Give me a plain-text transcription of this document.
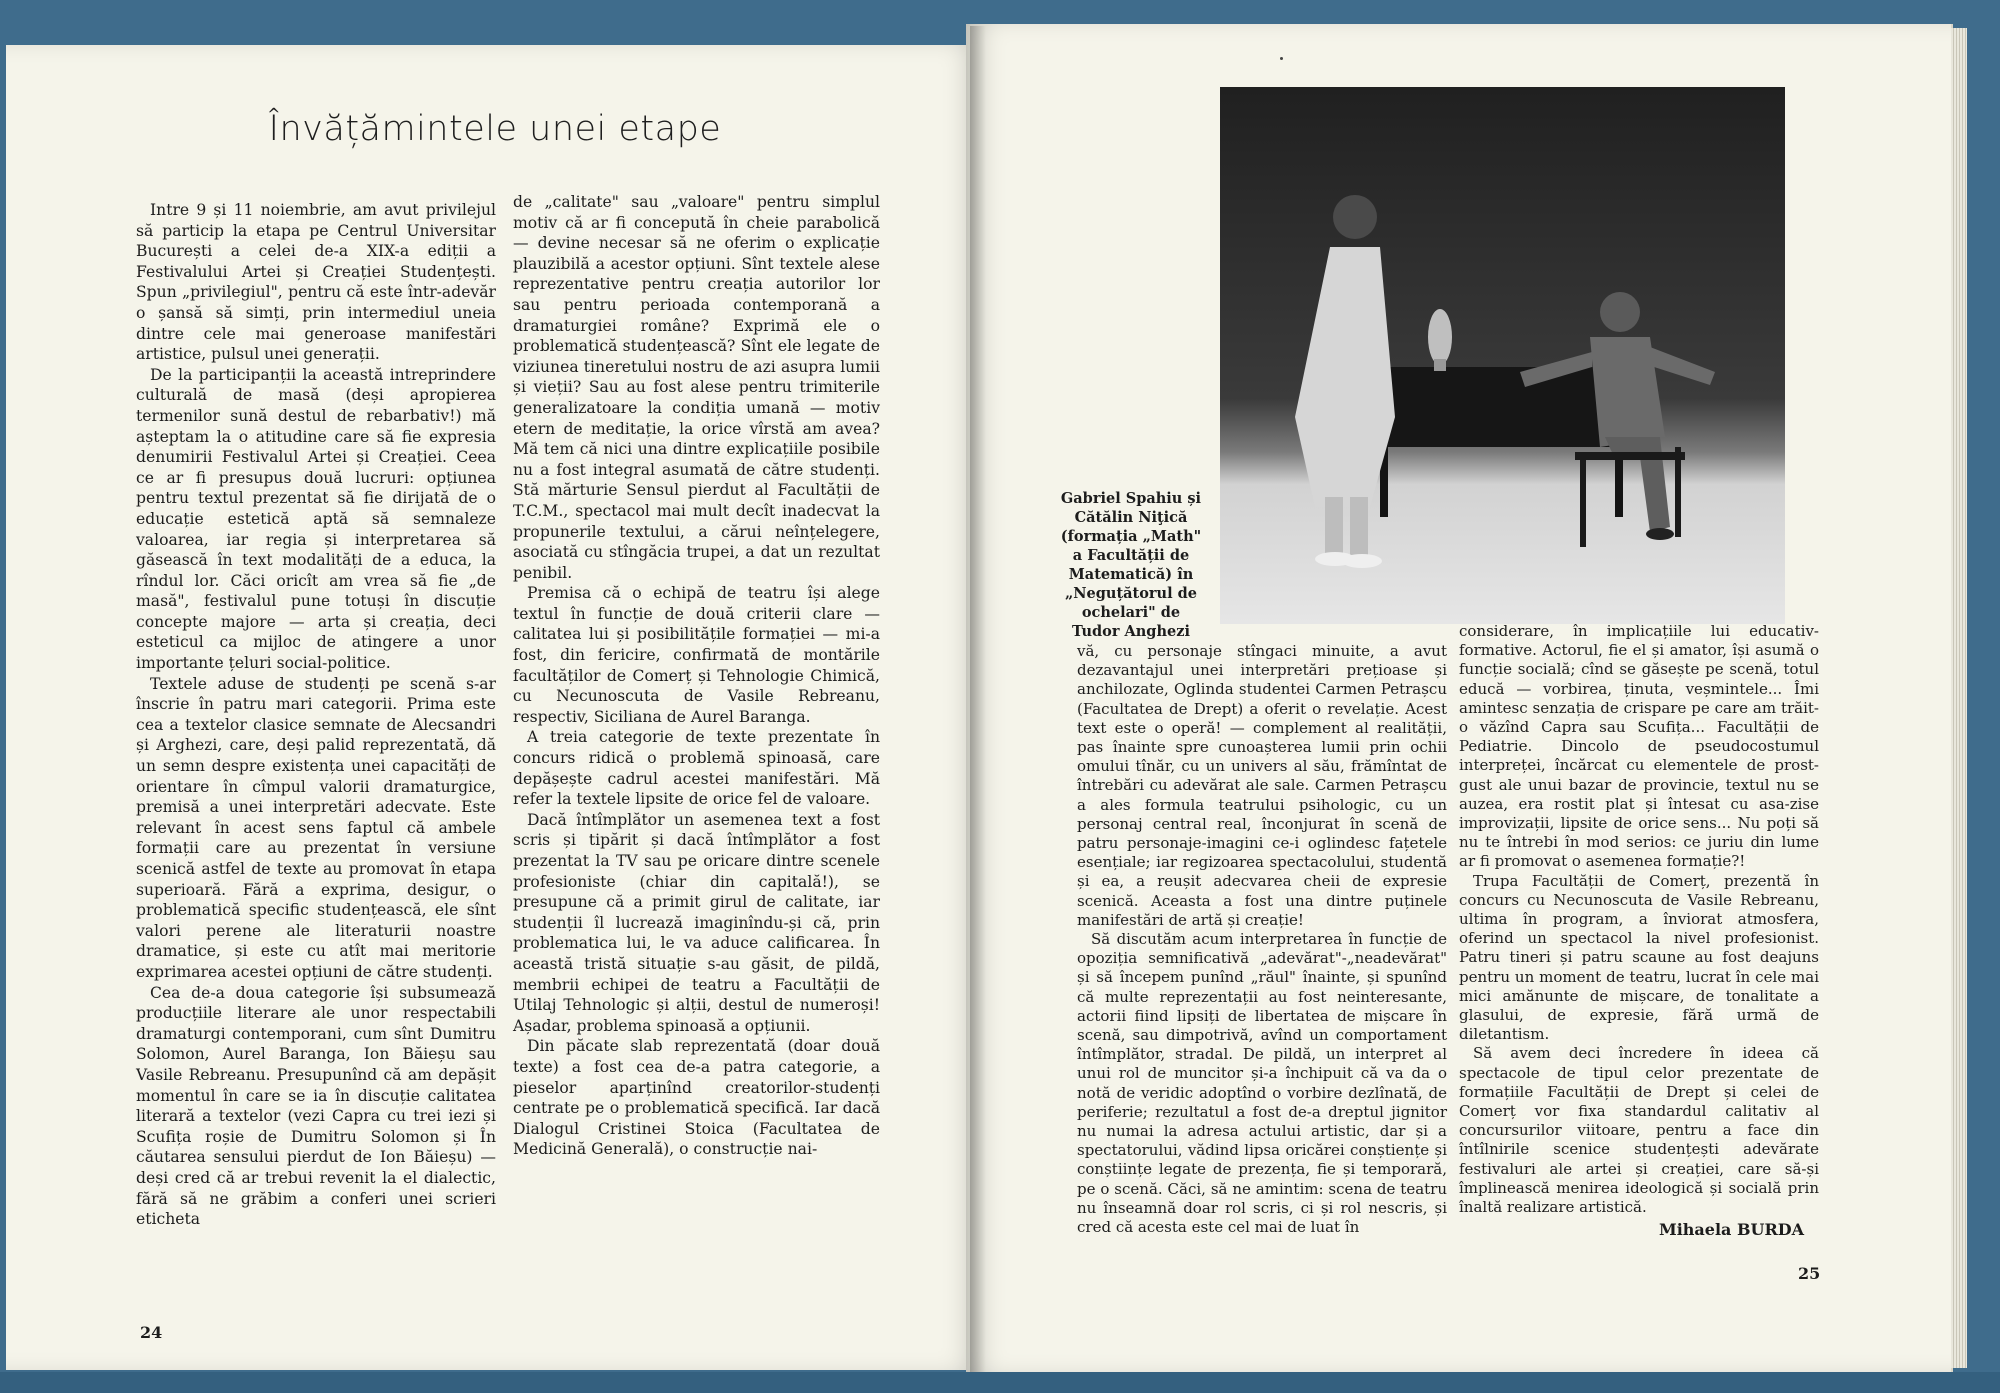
Învățămintele unei etape

Intre 9 și 11 noiembrie, am avut privilejul să particip la etapa pe Centrul Universitar București a celei de-a XIX-a ediții a Festivalului Artei și Creației Studențești. Spun „privilegiul", pentru că este într-adevăr o șansă să simți, prin intermediul uneia dintre cele mai generoase manifestări artistice, pulsul unei generații.

De la participanții la această intreprindere culturală de masă (deși apropierea termenilor sună destul de rebarbativ!) mă așteptam la o atitudine care să fie expresia denumirii Festivalul Artei și Creației. Ceea ce ar fi presupus două lucruri: opțiunea pentru textul prezentat să fie dirijată de o educație estetică aptă să semnaleze valoarea, iar regia și interpretarea să găsească în text modalități de a educa, la rîndul lor. Căci oricît am vrea să fie „de masă", festivalul pune totuși în discuție concepte majore — arta și creația, deci esteticul ca mijloc de atingere a unor importante țeluri social-politice.

Textele aduse de studenți pe scenă s-ar înscrie în patru mari categorii. Prima este cea a textelor clasice semnate de Alecsandri și Arghezi, care, deși palid reprezentată, dă un semn despre existența unei capacități de orientare în cîmpul valorii dramaturgice, premisă a unei interpretări adecvate. Este relevant în acest sens faptul că ambele formații care au prezentat în versiune scenică astfel de texte au promovat în etapa superioară. Fără a exprima, desigur, o problematică specific studențească, ele sînt valori perene ale literaturii noastre dramatice, și este cu atît mai meritorie exprimarea acestei opțiuni de către studenți.

Cea de-a doua categorie își subsumează producțiile literare ale unor respectabili dramaturgi contemporani, cum sînt Dumitru Solomon, Aurel Baranga, Ion Băieșu sau Vasile Rebreanu. Presupunînd că am depășit momentul în care se ia în discuție calitatea literară a textelor (vezi Capra cu trei iezi și Scufița roșie de Dumitru Solomon și În căutarea sensului pierdut de Ion Băieșu) — deși cred că ar trebui revenit la el dialectic, fără să ne grăbim a conferi unei scrieri eticheta

de „calitate" sau „valoare" pentru simplul motiv că ar fi concepută în cheie parabolică — devine necesar să ne oferim o explicație plauzibilă a acestor opțiuni. Sînt textele alese reprezentative pentru creația autorilor lor sau pentru perioada contemporană a dramaturgiei române? Exprimă ele o problematică studențească? Sînt ele legate de viziunea tineretului nostru de azi asupra lumii și vieții? Sau au fost alese pentru trimiterile generalizatoare la condiția umană — motiv etern de meditație, la orice vîrstă am avea? Mă tem că nici una dintre explicațiile posibile nu a fost integral asumată de către studenți. Stă mărturie Sensul pierdut al Facultății de T.C.M., spectacol mai mult decît inadecvat la propunerile textului, a cărui neînțelegere, asociată cu stîngăcia trupei, a dat un rezultat penibil.

Premisa că o echipă de teatru își alege textul în funcție de două criterii clare — calitatea lui și posibilitățile formației — mi-a fost, din fericire, confirmată de montările facultăților de Comerț și Tehnologie Chimică, cu Necunoscuta de Vasile Rebreanu, respectiv, Siciliana de Aurel Baranga.

A treia categorie de texte prezentate în concurs ridică o problemă spinoasă, care depășește cadrul acestei manifestări. Mă refer la textele lipsite de orice fel de valoare.

Dacă întîmplător un asemenea text a fost scris și tipărit și dacă întîmplător a fost prezentat la TV sau pe oricare dintre scenele profesioniste (chiar din capitală!), se presupune că a primit girul de calitate, iar studenții îl lucrează imaginîndu-și că, prin problematica lui, le va aduce calificarea. În această tristă situație s-au găsit, de pildă, membrii echipei de teatru a Facultății de Utilaj Tehnologic și alții, destul de numeroși! Așadar, problema spinoasă a opțiunii.

Din păcate slab reprezentată (doar două texte) a fost cea de-a patra categorie, a pieselor aparținînd creatorilor-studenți centrate pe o problematică specifică. Iar dacă Dialogul Cristinei Stoica (Facultatea de Medicină Generală), o construcție nai-

24
Gabriel Spahiu și Cătălin Niţică (formația „Math" a Facultății de Matematică) în „Neguțătorul de ochelari" de Tudor Anghezi

vă, cu personaje stîngaci minuite, a avut dezavantajul unei interpretări prețioase și anchilozate, Oglinda studentei Carmen Petrașcu (Facultatea de Drept) a oferit o revelație. Acest text este o operă! — complement al realității, pas înainte spre cunoașterea lumii prin ochii omului tînăr, cu un univers al său, frămîntat de întrebări cu adevărat ale sale. Carmen Petrașcu a ales formula teatrului psihologic, cu un personaj central real, înconjurat în scenă de patru personaje-imagini ce-i oglindesc fațetele esențiale; iar regizoarea spectacolului, studentă și ea, a reușit adecvarea cheii de expresie scenică. Aceasta a fost una dintre puținele manifestări de artă și creație!

Să discutăm acum interpretarea în funcție de opoziția semnificativă „adevărat"-„neadevărat" și să începem punînd „răul" înainte, și spunînd că multe reprezentații au fost neinteresante, actorii fiind lipsiți de libertatea de mișcare în scenă, sau dimpotrivă, avînd un comportament întîmplător, stradal. De pildă, un interpret al unui rol de muncitor și-a închipuit că va da o notă de veridic adoptînd o vorbire dezlînată, de periferie; rezultatul a fost de-a dreptul jignitor nu numai la adresa actului artistic, dar și a spectatorului, vădind lipsa oricărei conștiențe și conștiințe legate de prezența, fie și temporară, pe o scenă. Căci, să ne amintim: scena de teatru nu înseamnă doar rol scris, ci și rol nescris, și cred că acesta este cel mai de luat în

considerare, în implicațiile lui educativ-formative. Actorul, fie el și amator, își asumă o funcție socială; cînd se găsește pe scenă, totul educă — vorbirea, ținuta, veșmintele... Îmi amintesc senzația de crispare pe care am trăit-o văzînd Capra sau Scufița... Facultății de Pediatrie. Dincolo de pseudocostumul interpreței, încărcat cu elementele de prost-gust ale unui bazar de provincie, textul nu se auzea, era rostit plat și întesat cu asa-zise improvizații, lipsite de orice sens... Nu poți să nu te întrebi în mod serios: ce juriu din lume ar fi promovat o asemenea formație?!

Trupa Facultății de Comerț, prezentă în concurs cu Necunoscuta de Vasile Rebreanu, ultima în program, a înviorat atmosfera, oferind un spectacol la nivel profesionist. Patru tineri și patru scaune au fost deajuns pentru un moment de teatru, lucrat în cele mai mici amănunte de mișcare, de tonalitate a glasului, de expresie, fără urmă de diletantism.

Să avem deci încredere în ideea că spectacole de tipul celor prezentate de formațiile Facultății de Drept și celei de Comerț vor fixa standardul calitativ al concursurilor viitoare, pentru a face din întîlnirile scenice studențești adevărate festivaluri ale artei și creației, care să-și împlinească menirea ideologică și socială prin înaltă realizare artistică.

Mihaela BURDA
25
